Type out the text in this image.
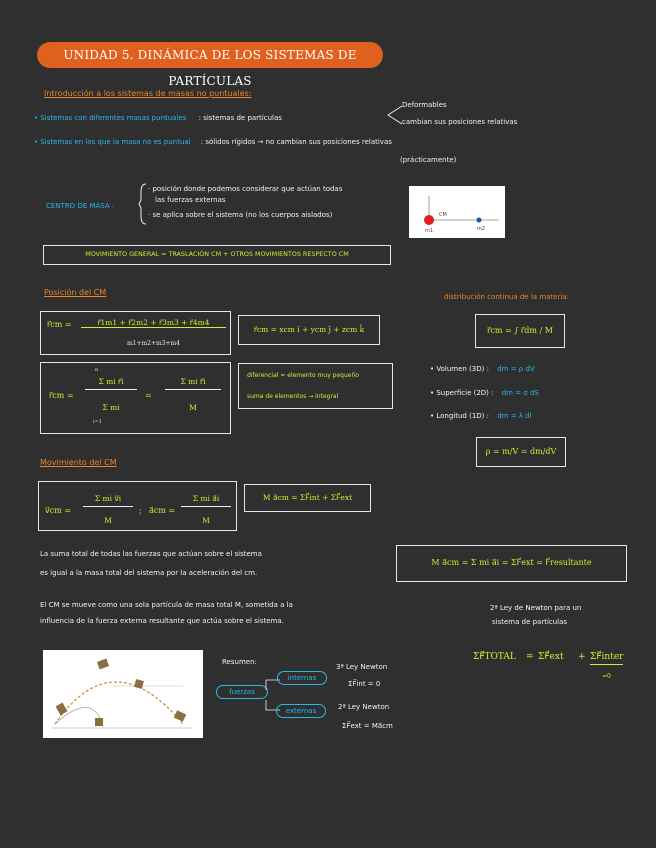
UNIDAD 5. DINÁMICA DE LOS SISTEMAS DE PARTÍCULAS
Introducción a los sistemas de masas no puntuales:
• Sistemas con diferentes masas puntuales : sistemas de partículas
Deformables
cambian sus posiciones relativas
• Sistemas en los que la masa no es puntual : sólidos rígidos → no cambian sus posiciones relativas
(prácticamente)
CENTRO DE MASA :
· posición donde podemos considerar que actúan todas
las fuerzas externas
· se aplica sobre el sistema (no los cuerpos aislados)
m1	m2
CM
MOVIMIENTO GENERAL = TRASLACIÓN CM + OTROS MOVIMIENTOS RESPECTO CM
Posición del CM
r⃗cm =	r⃗1m1 + r⃗2m2 + r⃗3m3 + r⃗4m4
m1+m2+m3+m4
r⃗cm = xcm î + ycm ĵ + zcm k̂
r⃗cm =
n
Σ mi r⃗i
Σ mi
i=1
=
Σ mi r⃗i
M
diferencial = elemento muy pequeño
suma de elementos → integral
distribución continua de la materia:
r⃗cm = ∫ r⃗dm / M
• Volumen (3D) : dm = ρ dV
• Superficie (2D) : dm = σ dS
• Longitud (1D) : dm = λ dl
ρ = m/V = dm/dV
Movimiento del CM
v⃗cm =
Σ mi v⃗i
M
; a⃗cm =
Σ mi a⃗i
M
M a⃗cm = ΣF⃗int + ΣF⃗ext
La suma total de todas las fuerzas que actúan sobre el sistema
es igual a la masa total del sistema por la aceleración del cm.
M a⃗cm = Σ mi a⃗i = ΣF⃗ext = F⃗resultante
El CM se mueve como una sola partícula de masa total M, sometida a la
influencia de la fuerza externa resultante que actúa sobre el sistema.
2ª Ley de Newton para un
sistema de partículas
Resumen:
fuerzas
internas
externas
3ª Ley Newton
ΣF⃗int = 0
2ª Ley Newton
ΣF⃗ext = Ma⃗cm
ΣF⃗TOTAL = ΣF⃗ext + ΣF⃗inter
=0
